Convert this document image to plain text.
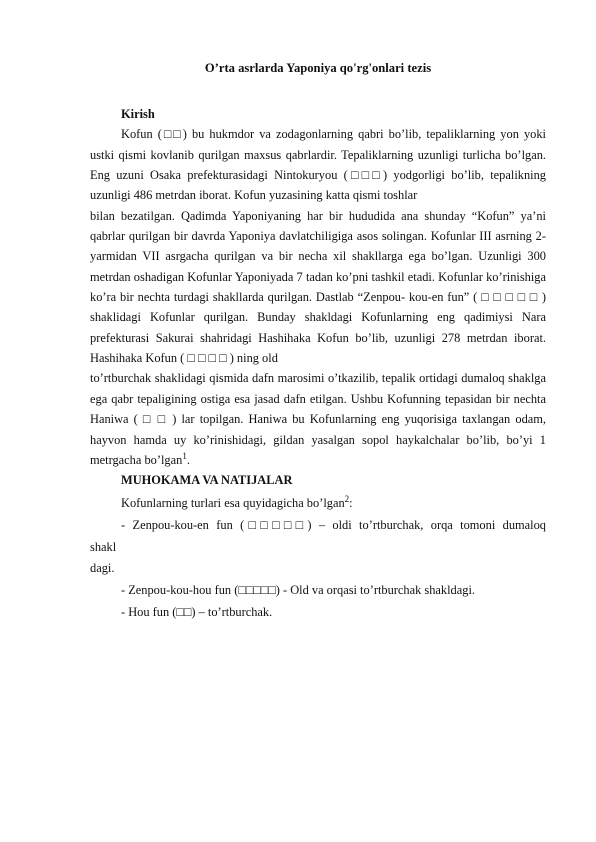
O’rta asrlarda Yaponiya qo'rg'onlari tezis

Kirish

Kofun (□□) bu hukmdor va zodagonlarning qabri bo’lib, tepaliklarning yon yoki ustki qismi kovlanib qurilgan maxsus qabrlardir. Tepaliklarning uzunligi turlicha bo’lgan. Eng uzuni Osaka prefekturasidagi Nintokuryou (□□□) yodgorligi bo’lib, tepalikning uzunligi 486 metrdan iborat. Kofun yuzasining katta qismi toshlar

bilan bezatilgan. Qadimda Yaponiyaning har bir hududida ana shunday “Kofun” ya’ni qabrlar qurilgan bir davrda Yaponiya davlatchiligiga asos solingan. Kofunlar III asrning 2-yarmidan VII asrgacha qurilgan va bir necha xil shakllarga ega bo’lgan. Uzunligi 300 metrdan oshadigan Kofunlar Yaponiyada 7 tadan ko’pni tashkil etadi. Kofunlar ko’rinishiga ko’ra bir nechta turdagi shakllarda qurilgan. Dastlab “Zenpou- kou-en fun” ( □ □ □ □ □ ) shaklidagi Kofunlar qurilgan. Bunday shakldagi Kofunlarning eng qadimiysi Nara prefekturasi Sakurai shahridagi Hashihaka Kofun bo’lib, uzunligi 278 metrdan iborat. Hashihaka Kofun ( □ □ □ □ ) ning old

to’rtburchak shaklidagi qismida dafn marosimi o’tkazilib, tepalik ortidagi dumaloq shaklga ega qabr tepaligining ostiga esa jasad dafn etilgan. Ushbu Kofunning tepasidan bir nechta Haniwa ( □ □ ) lar topilgan. Haniwa bu Kofunlarning eng yuqorisiga taxlangan odam, hayvon hamda uy ko’rinishidagi, gildan yasalgan sopol haykalchalar bo’lib, bo’yi 1 metrgacha bo’lgan$^1$.

MUHOKAMA VA NATIJALAR

Kofunlarning turlari esa quyidagicha bo’lgan$^2$:

- Zenpou-kou-en fun (□□□□□) – oldi to’rtburchak, orqa tomoni dumaloq

shakl

dagi.

- Zenpou-kou-hou fun (□□□□□) - Old va orqasi to’rtburchak shakldagi.

- Hou fun (□□) – to’rtburchak.
